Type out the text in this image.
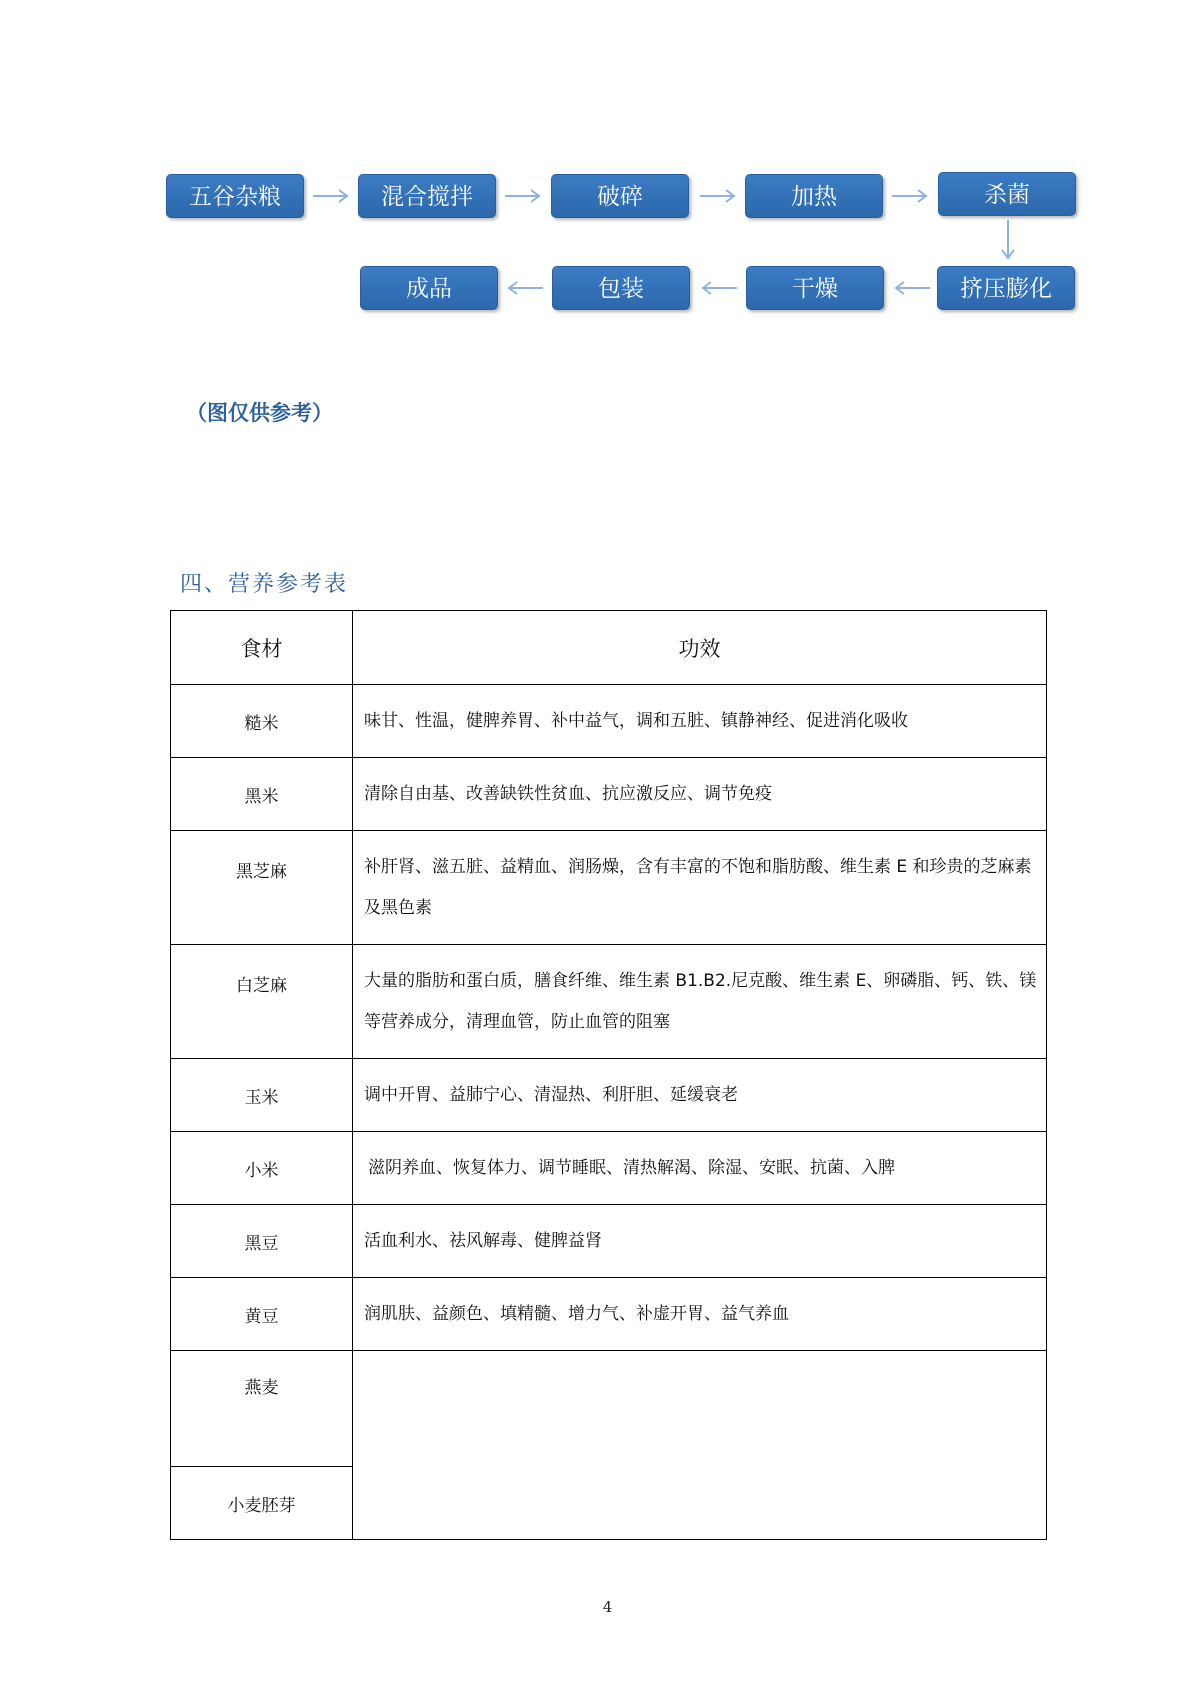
五谷杂粮	混合搅拌	破碎	加热	杀菌
成品	包装	干燥	挤压膨化
（图仅供参考）
四、营养参考表
食材	功效
糙米	味甘、性温，健脾养胃、补中益气，调和五脏、镇静神经、促进消化吸收
黑米	清除自由基、改善缺铁性贫血、抗应激反应、调节免疫
黑芝麻	补肝肾、滋五脏、益精血、润肠燥，含有丰富的不饱和脂肪酸、维生素 E 和珍贵的芝麻素及黑色素
白芝麻	大量的脂肪和蛋白质，膳食纤维、维生素 B1.B2.尼克酸、维生素 E、卵磷脂、钙、铁、镁等营养成分，清理血管，防止血管的阻塞
玉米	调中开胃、益肺宁心、清湿热、利肝胆、延缓衰老
小米	滋阴养血、恢复体力、调节睡眠、清热解渴、除湿、安眠、抗菌、入脾
黑豆	活血利水、祛风解毒、健脾益肾
黄豆	润肌肤、益颜色、填精髓、增力气、补虚开胃、益气养血
燕麦	
小麦胚芽	
4
